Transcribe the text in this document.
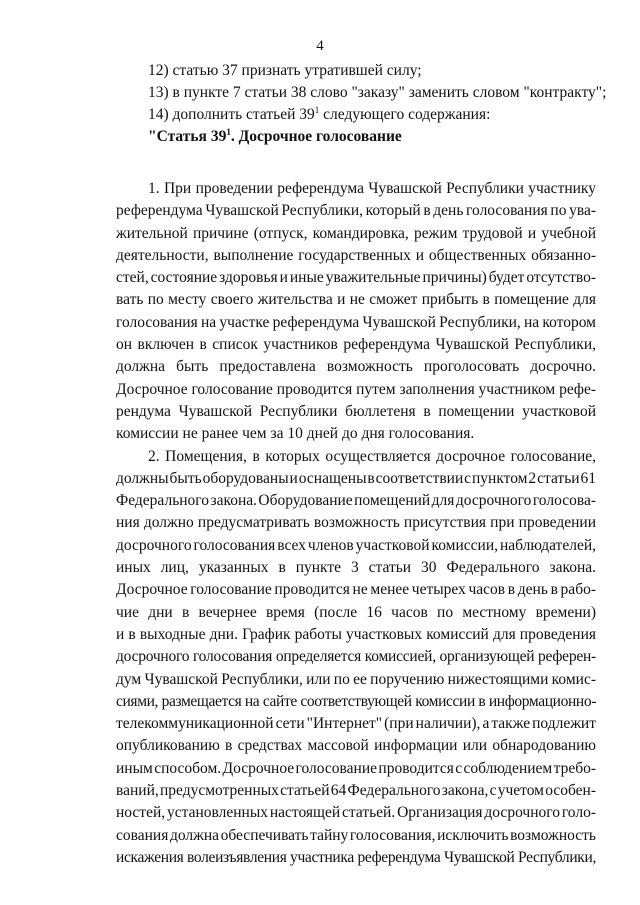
4
12) статью 37 признать утратившей силу;
13) в пункте 7 статьи 38 слово "заказу" заменить словом "контракту";
14) дополнить статьей $39^1$ следующего содержания:
"Статья $39^1$. Досрочное голосование
1. При проведении референдума Чувашской Республики участнику
референдума Чувашской Республики, который в день голосования по ува-
жительной причине (отпуск, командировка, режим трудовой и учебной
деятельности, выполнение государственных и общественных обязанно-
стей, состояние здоровья и иные уважительные причины) будет отсутство-
вать по месту своего жительства и не сможет прибыть в помещение для
голосования на участке референдума Чувашской Республики, на котором
он включен в список участников референдума Чувашской Республики,
должна быть предоставлена возможность проголосовать досрочно.
Досрочное голосование проводится путем заполнения участником рефе-
рендума Чувашской Республики бюллетеня в помещении участковой
комиссии не ранее чем за 10 дней до дня голосования.
2. Помещения, в которых осуществляется досрочное голосование,
должны быть оборудованы и оснащены в соответствии с пунктом 2 статьи 61
Федерального закона. Оборудование помещений для досрочного голосова-
ния должно предусматривать возможность присутствия при проведении
досрочного голосования всех членов участковой комиссии, наблюдателей,
иных лиц, указанных в пункте 3 статьи 30 Федерального закона.
Досрочное голосование проводится не менее четырех часов в день в рабо-
чие дни в вечернее время (после 16 часов по местному времени)
и в выходные дни. График работы участковых комиссий для проведения
досрочного голосования определяется комиссией, организующей референ-
дум Чувашской Республики, или по ее поручению нижестоящими комис-
сиями, размещается на сайте соответствующей комиссии в информационно-
телекоммуникационной сети "Интернет" (при наличии), а также подлежит
опубликованию в средствах массовой информации или обнародованию
иным способом. Досрочное голосование проводится с соблюдением требо-
ваний, предусмотренных статьей 64 Федерального закона, с учетом особен-
ностей, установленных настоящей статьей. Организация досрочного голо-
сования должна обеспечивать тайну голосования, исключить возможность
искажения волеизъявления участника референдума Чувашской Республики,
